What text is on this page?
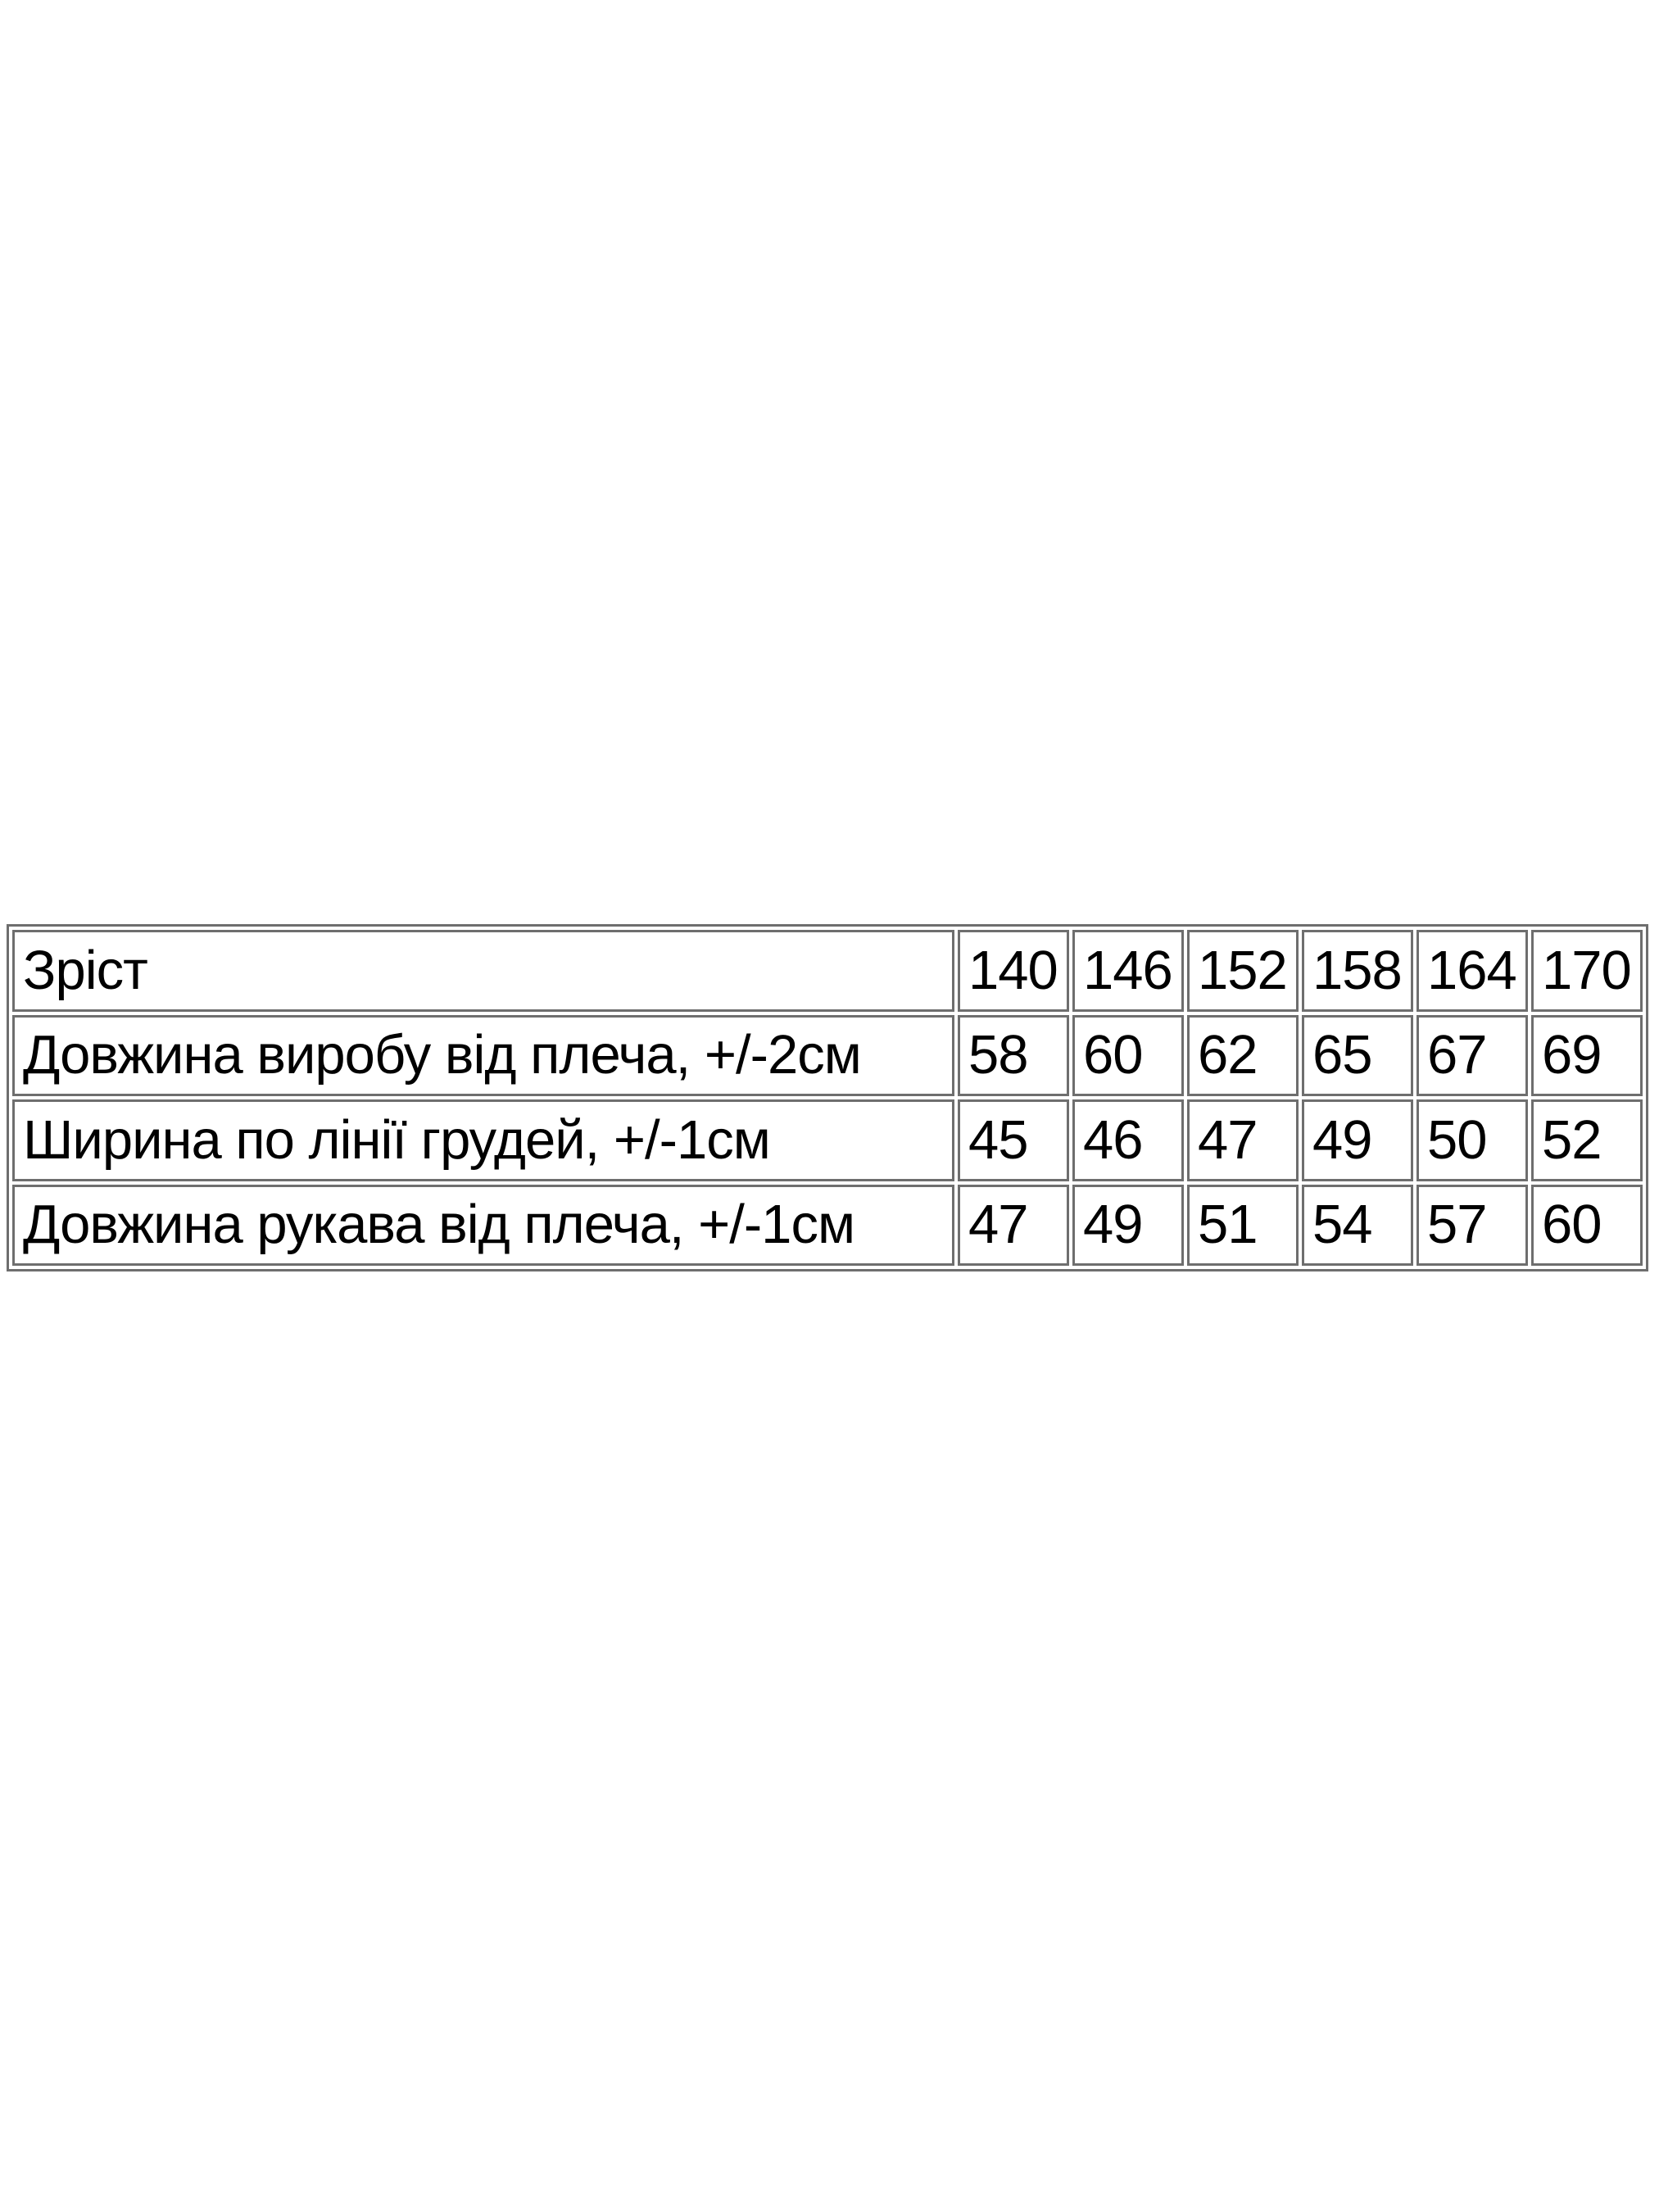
Зріст	140	146	152	158	164	170
Довжина виробу від плеча, +/-2см	58	60	62	65	67	69
Ширина по лінії грудей, +/-1см	45	46	47	49	50	52
Довжина рукава від плеча, +/-1см	47	49	51	54	57	60
